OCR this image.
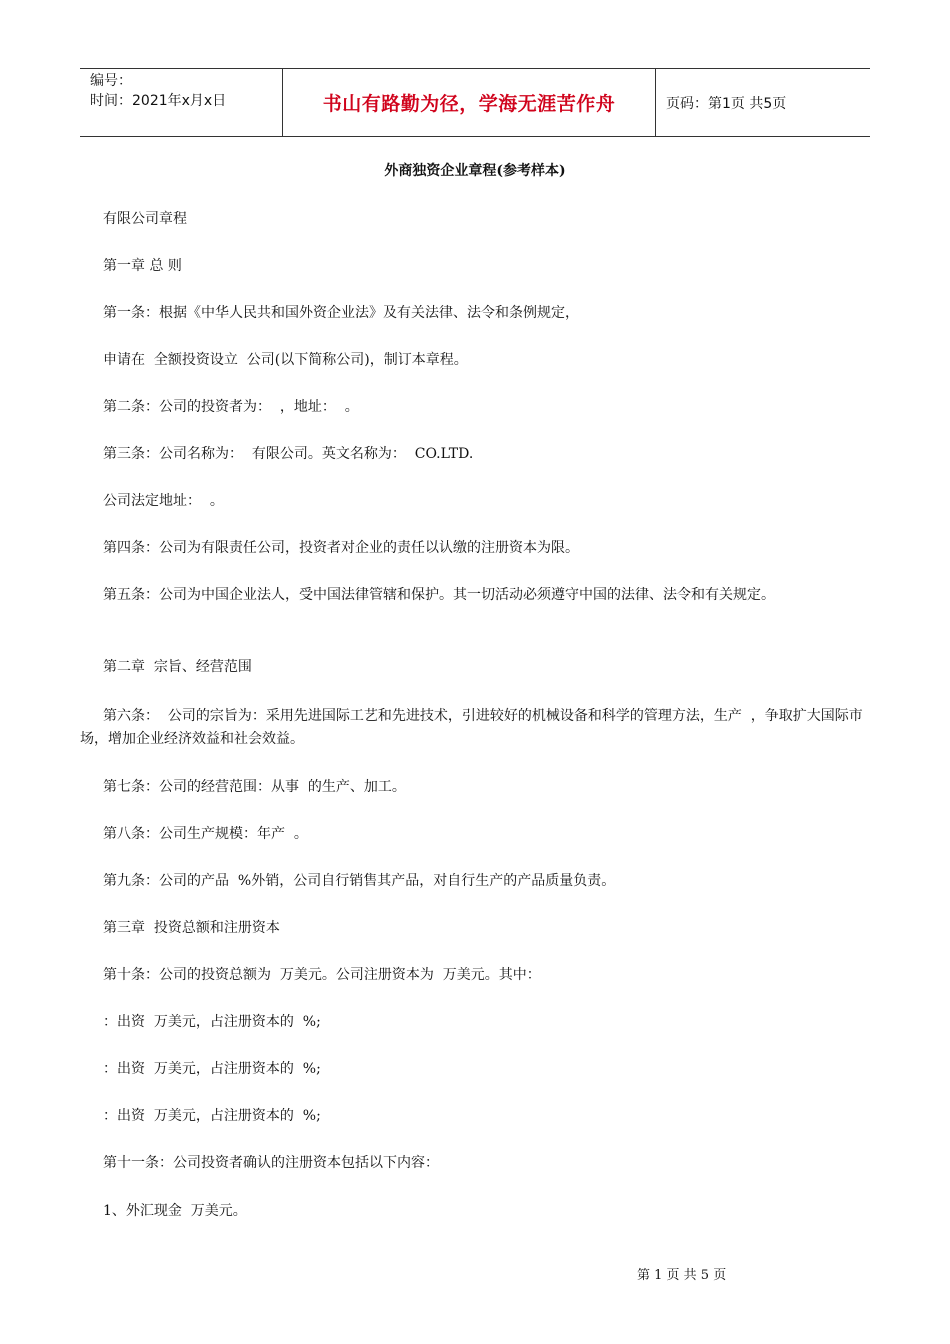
编号：
时间：2021年x月x日	书山有路勤为径，学海无涯苦作舟	页码：第1页 共5页
外商独资企业章程(参考样本)
有限公司章程
第一章 总 则
第一条：根据《中华人民共和国外资企业法》及有关法律、法令和条例规定，
申请在  全额投资设立  公司(以下简称公司)，制订本章程。
第二条：公司的投资者为：  ，地址：  。
第三条：公司名称为：  有限公司。英文名称为：  CO.LTD.
公司法定地址：  。
第四条：公司为有限责任公司，投资者对企业的责任以认缴的注册资本为限。
第五条：公司为中国企业法人，受中国法律管辖和保护。其一切活动必须遵守中国的法律、法令和有关规定。
第二章  宗旨、经营范围
第六条：  公司的宗旨为：采用先进国际工艺和先进技术，引进较好的机械设备和科学的管理方法，生产  ，争取扩大国际市场，增加企业经济效益和社会效益。
第七条：公司的经营范围：从事  的生产、加工。
第八条：公司生产规模：年产  。
第九条：公司的产品  %外销，公司自行销售其产品，对自行生产的产品质量负责。
第三章  投资总额和注册资本
第十条：公司的投资总额为  万美元。公司注册资本为  万美元。其中：
：出资  万美元，占注册资本的  %;
：出资  万美元，占注册资本的  %;
：出资  万美元，占注册资本的  %;
第十一条：公司投资者确认的注册资本包括以下内容：
1、外汇现金  万美元。
第 1 页 共 5 页
